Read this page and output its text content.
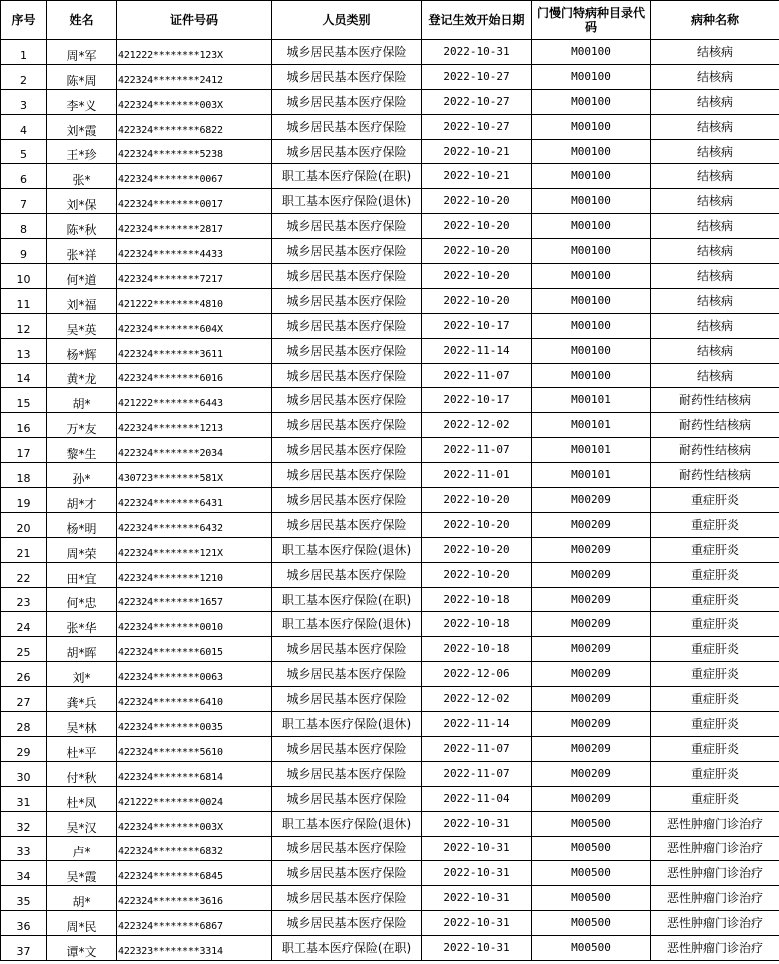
序号	姓名	证件号码	人员类别	登记生效开始日期	门慢门特病种目录代码	病种名称
1	周*军	421222********123X	城乡居民基本医疗保险	2022-10-31	M00100	结核病
2	陈*周	422324********2412	城乡居民基本医疗保险	2022-10-27	M00100	结核病
3	李*义	422324********003X	城乡居民基本医疗保险	2022-10-27	M00100	结核病
4	刘*霞	422324********6822	城乡居民基本医疗保险	2022-10-27	M00100	结核病
5	王*珍	422324********5238	城乡居民基本医疗保险	2022-10-21	M00100	结核病
6	张*	422324********0067	职工基本医疗保险(在职)	2022-10-21	M00100	结核病
7	刘*保	422324********0017	职工基本医疗保险(退休)	2022-10-20	M00100	结核病
8	陈*秋	422324********2817	城乡居民基本医疗保险	2022-10-20	M00100	结核病
9	张*祥	422324********4433	城乡居民基本医疗保险	2022-10-20	M00100	结核病
10	何*道	422324********7217	城乡居民基本医疗保险	2022-10-20	M00100	结核病
11	刘*福	421222********4810	城乡居民基本医疗保险	2022-10-20	M00100	结核病
12	吴*英	422324********604X	城乡居民基本医疗保险	2022-10-17	M00100	结核病
13	杨*辉	422324********3611	城乡居民基本医疗保险	2022-11-14	M00100	结核病
14	黄*龙	422324********6016	城乡居民基本医疗保险	2022-11-07	M00100	结核病
15	胡*	421222********6443	城乡居民基本医疗保险	2022-10-17	M00101	耐药性结核病
16	万*友	422324********1213	城乡居民基本医疗保险	2022-12-02	M00101	耐药性结核病
17	黎*生	422324********2034	城乡居民基本医疗保险	2022-11-07	M00101	耐药性结核病
18	孙*	430723********581X	城乡居民基本医疗保险	2022-11-01	M00101	耐药性结核病
19	胡*才	422324********6431	城乡居民基本医疗保险	2022-10-20	M00209	重症肝炎
20	杨*明	422324********6432	城乡居民基本医疗保险	2022-10-20	M00209	重症肝炎
21	周*荣	422324********121X	职工基本医疗保险(退休)	2022-10-20	M00209	重症肝炎
22	田*宜	422324********1210	城乡居民基本医疗保险	2022-10-20	M00209	重症肝炎
23	何*忠	422324********1657	职工基本医疗保险(在职)	2022-10-18	M00209	重症肝炎
24	张*华	422324********0010	职工基本医疗保险(退休)	2022-10-18	M00209	重症肝炎
25	胡*晖	422324********6015	城乡居民基本医疗保险	2022-10-18	M00209	重症肝炎
26	刘*	422324********0063	城乡居民基本医疗保险	2022-12-06	M00209	重症肝炎
27	龚*兵	422324********6410	城乡居民基本医疗保险	2022-12-02	M00209	重症肝炎
28	吴*林	422324********0035	职工基本医疗保险(退休)	2022-11-14	M00209	重症肝炎
29	杜*平	422324********5610	城乡居民基本医疗保险	2022-11-07	M00209	重症肝炎
30	付*秋	422324********6814	城乡居民基本医疗保险	2022-11-07	M00209	重症肝炎
31	杜*凤	421222********0024	城乡居民基本医疗保险	2022-11-04	M00209	重症肝炎
32	吴*汉	422324********003X	职工基本医疗保险(退休)	2022-10-31	M00500	恶性肿瘤门诊治疗
33	卢*	422324********6832	城乡居民基本医疗保险	2022-10-31	M00500	恶性肿瘤门诊治疗
34	吴*霞	422324********6845	城乡居民基本医疗保险	2022-10-31	M00500	恶性肿瘤门诊治疗
35	胡*	422324********3616	城乡居民基本医疗保险	2022-10-31	M00500	恶性肿瘤门诊治疗
36	周*民	422324********6867	城乡居民基本医疗保险	2022-10-31	M00500	恶性肿瘤门诊治疗
37	谭*文	422323********3314	职工基本医疗保险(在职)	2022-10-31	M00500	恶性肿瘤门诊治疗
